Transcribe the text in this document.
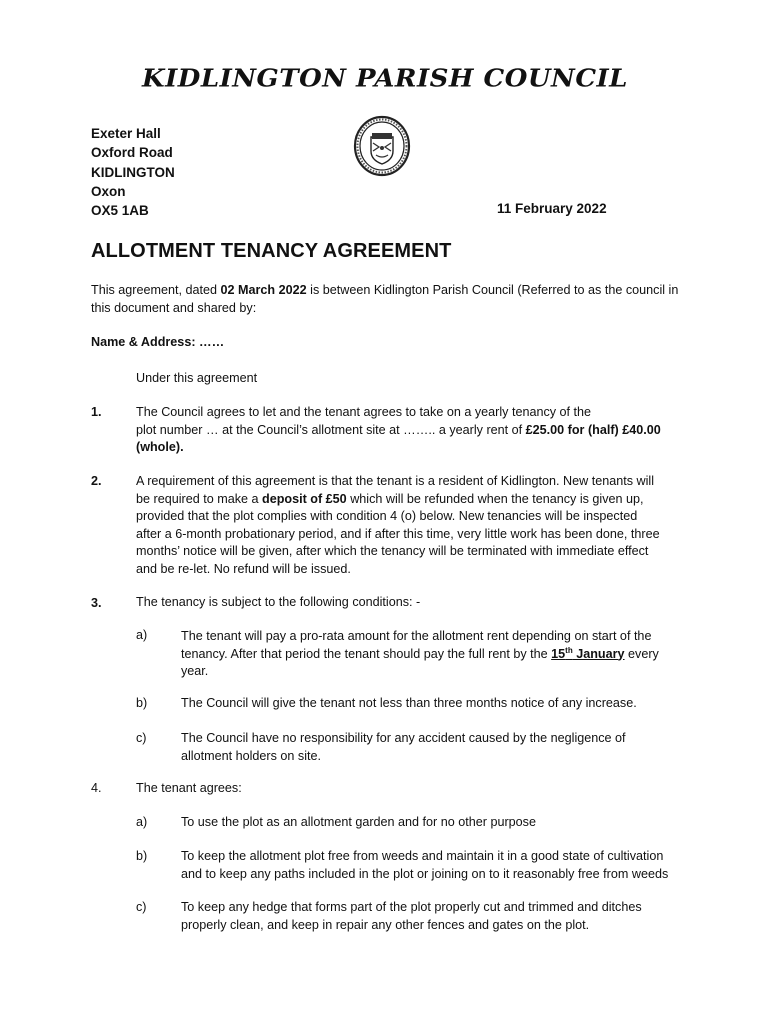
KIDLINGTON PARISH COUNCIL
Exeter Hall
Oxford Road
KIDLINGTON
Oxon
OX5 1AB	11 February 2022
ALLOTMENT TENANCY AGREEMENT
This agreement, dated 02 March 2022 is between Kidlington Parish Council (Referred to as the council in
this document and shared by:
Name & Address: ……
Under this agreement
1.	The Council agrees to let and the tenant agrees to take on a yearly tenancy of the
plot number … at the Council’s allotment site at …….. a yearly rent of £25.00 for (half) £40.00
(whole).
2.	A requirement of this agreement is that the tenant is a resident of Kidlington. New tenants will
be required to make a deposit of £50 which will be refunded when the tenancy is given up,
provided that the plot complies with condition 4 (o) below. New tenancies will be inspected
after a 6-month probationary period, and if after this time, very little work has been done, three
months’ notice will be given, after which the tenancy will be terminated with immediate effect
and be re-let. No refund will be issued.
3.	The tenancy is subject to the following conditions: -
a)	The tenant will pay a pro-rata amount for the allotment rent depending on start of the
tenancy. After that period the tenant should pay the full rent by the 15th January every
year.
b)	The Council will give the tenant not less than three months notice of any increase.
c)	The Council have no responsibility for any accident caused by the negligence of
allotment holders on site.
4.	The tenant agrees:
a)	To use the plot as an allotment garden and for no other purpose
b)	To keep the allotment plot free from weeds and maintain it in a good state of cultivation
and to keep any paths included in the plot or joining on to it reasonably free from weeds
c)	To keep any hedge that forms part of the plot properly cut and trimmed and ditches
properly clean, and keep in repair any other fences and gates on the plot.
